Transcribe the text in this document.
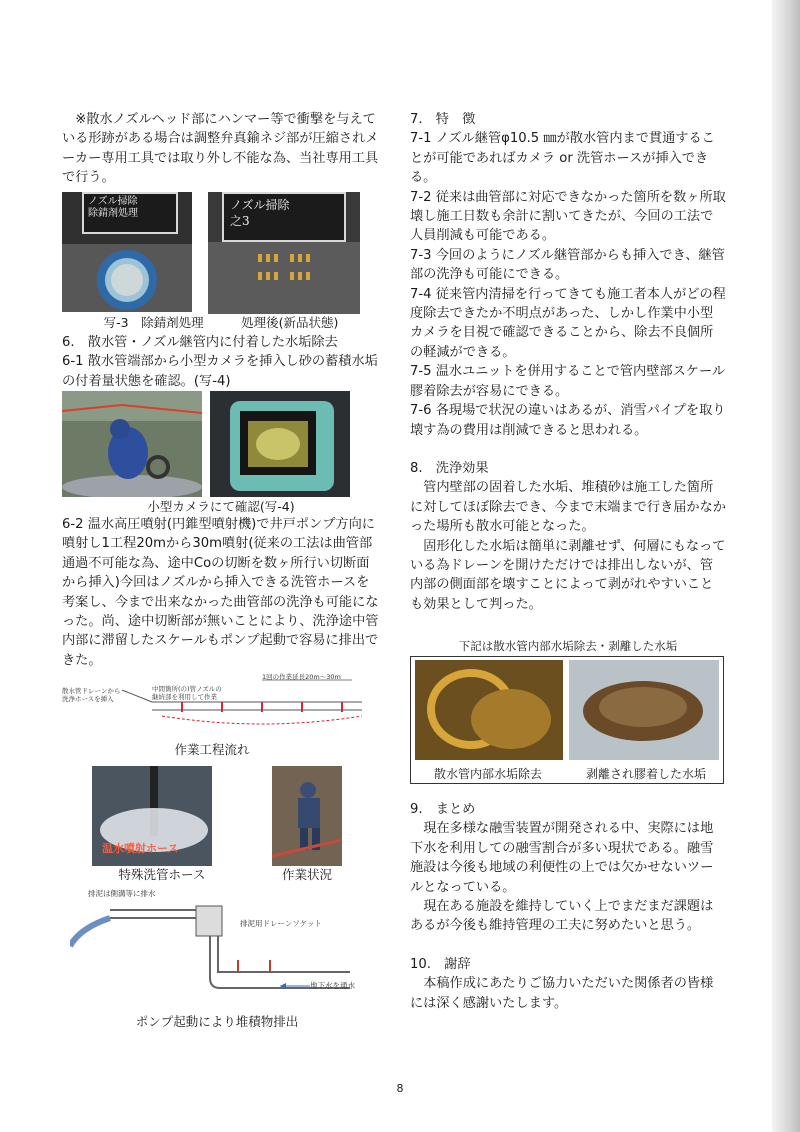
※散水ノズルヘッド部にハンマー等で衝撃を与えている形跡がある場合は調整弁真鍮ネジ部が圧縮されメーカー専用工具では取り外し不能な為、当社専用工具で行う。

ノズル掃除
除錆剤処理
ノズル掃除
之3
写-3　除錆剤処理　　　処理後(新品状態)

6.　散水管・ノズル継管内に付着した水垢除去

6-1 散水管端部から小型カメラを挿入し砂の蓄積水垢の付着量状態を確認。(写-4)

小型カメラにて確認(写-4)

6-2 温水高圧噴射(円錐型噴射機)で井戸ポンプ方向に噴射し1工程20mから30m噴射(従来の工法は曲管部通過不可能な為、途中Coの切断を数ヶ所行い切断面から挿入)今回はノズルから挿入できる洗管ホースを考案し、今まで出来なかった曲管部の洗浄も可能になった。尚、途中切断部が無いことにより、洗浄途中管内部に滞留したスケールもポンプ起動で容易に排出できた。

散水管ドレーンから
洗浄ホースを挿入
中間箇所(の)管ノズルの
継続部を利用して作業
1回の作業延長20m〜30m
作業工程流れ
温水噴射ホース
特殊洗管ホース	作業状況
排泥は側溝等に排水
排泥用ドレーンソケット
地下水を通水
ポンプ起動により堆積物排出

7.　特　徴

7-1 ノズル継管φ10.5 ㎜が散水管内まで貫通することが可能であればカメラ or 洗管ホースが挿入できる。

7-2 従来は曲管部に対応できなかった箇所を数ヶ所取壊し施工日数も余計に割いてきたが、今回の工法で人員削減も可能である。

7-3 今回のようにノズル継管部からも挿入でき、継管部の洗浄も可能にできる。

7-4 従来管内清掃を行ってきても施工者本人がどの程度除去できたか不明点があった、しかし作業中小型カメラを目視で確認できることから、除去不良個所の軽減ができる。

7-5 温水ユニットを併用することで管内壁部スケール膠着除去が容易にできる。

7-6 各現場で状況の違いはあるが、消雪パイプを取り壊す為の費用は削減できると思われる。

8.　洗浄効果

管内壁部の固着した水垢、堆積砂は施工した箇所に対してほぼ除去でき、今まで末端まで行き届かなかった場所も散水可能となった。

固形化した水垢は簡単に剥離せず、何層にもなっている為ドレーンを開けただけでは排出しないが、管内部の側面部を壊すことによって剥がれやすいことも効果として判った。

下記は散水管内部水垢除去・剥離した水垢
散水管内部水垢除去	剥離され膠着した水垢

9.　まとめ

現在多様な融雪装置が開発される中、実際には地下水を利用しての融雪割合が多い現状である。融雪施設は今後も地域の利便性の上では欠かせないツールとなっている。

現在ある施設を維持していく上でまだまだ課題はあるが今後も維持管理の工夫に努めたいと思う。

10.　謝辞

本稿作成にあたりご協力いただいた関係者の皆様には深く感謝いたします。

8
